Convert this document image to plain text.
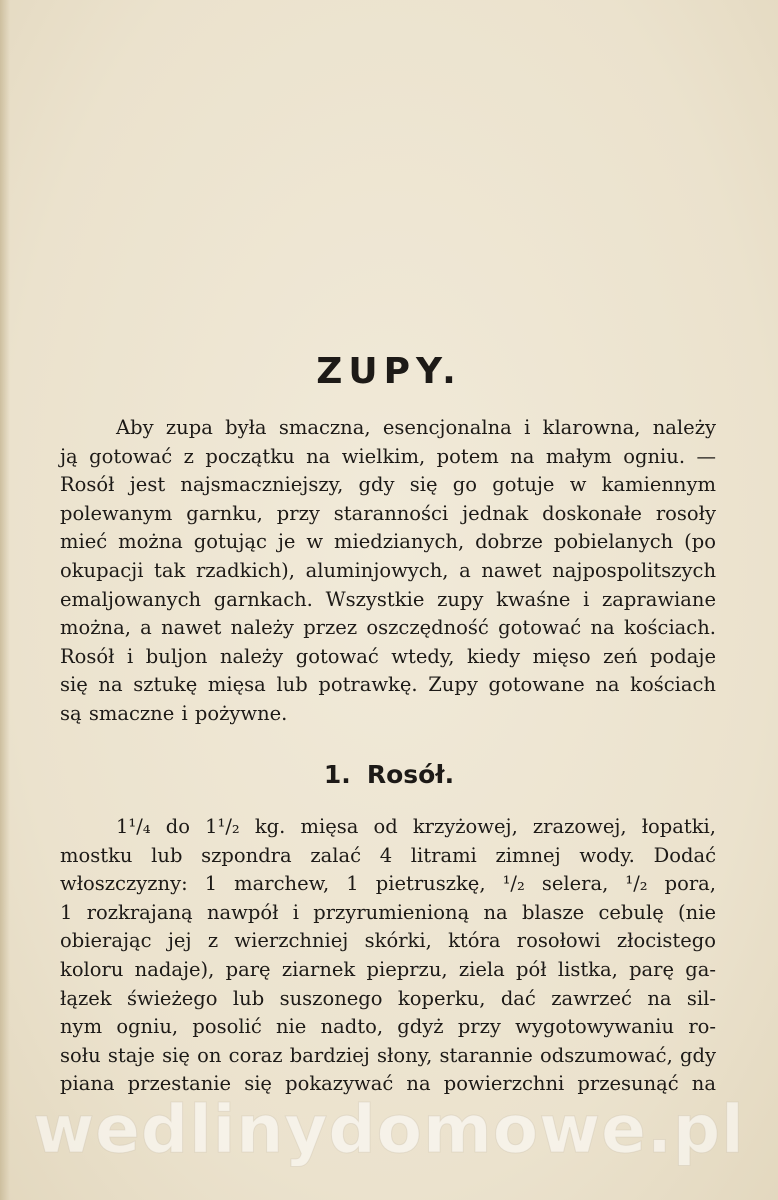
ZUPY.
Aby zupa była smaczna, esencjonalna i klarowna, należy
ją gotować z początku na wielkim, potem na małym ogniu. —
Rosół jest najsmaczniejszy, gdy się go gotuje w kamiennym
polewanym garnku, przy staranności jednak doskonałe rosoły
mieć można gotując je w miedzianych, dobrze pobielanych (po
okupacji tak rzadkich), aluminjowych, a nawet najpospolitszych
emaljowanych garnkach. Wszystkie zupy kwaśne i zaprawiane
można, a nawet należy przez oszczędność gotować na kościach.
Rosół i buljon należy gotować wtedy, kiedy mięso zeń podaje
się na sztukę mięsa lub potrawkę. Zupy gotowane na kościach
są smaczne i pożywne.
1. Rosół.
1¹/₄ do 1¹/₂ kg. mięsa od krzyżowej, zrazowej, łopatki,
mostku lub szpondra zalać 4 litrami zimnej wody. Dodać
włoszczyzny: 1 marchew, 1 pietruszkę, ¹/₂ selera, ¹/₂ pora,
1 rozkrajaną nawpół i przyrumienioną na blasze cebulę (nie
obierając jej z wierzchniej skórki, która rosołowi złocistego
koloru nadaje), parę ziarnek pieprzu, ziela pół listka, parę ga-
łązek świeżego lub suszonego koperku, dać zawrzeć na sil-
nym ogniu, posolić nie nadto, gdyż przy wygotowywaniu ro-
sołu staje się on coraz bardziej słony, starannie odszumować, gdy
piana przestanie się pokazywać na powierzchni przesunąć na
wedlinydomowe.pl
